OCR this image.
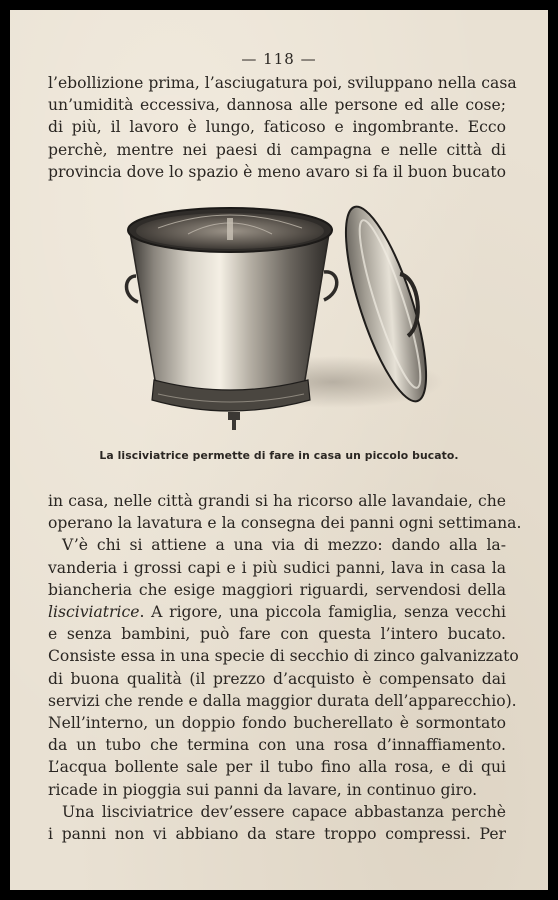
— 118 —
l’ebollizione prima, l’asciugatura poi, sviluppano nella casa
un’umidità eccessiva, dannosa alle persone ed alle cose;
di più, il lavoro è lungo, faticoso e ingombrante. Ecco
perchè, mentre nei paesi di campagna e nelle città di
provincia dove lo spazio è meno avaro si fa il buon bucato
La lisciviatrice permette di fare in casa un piccolo bucato.
in casa, nelle città grandi si ha ricorso alle lavandaie, che
operano la lavatura e la consegna dei panni ogni settimana.
V’è chi si attiene a una via di mezzo: dando alla la-
vanderia i grossi capi e i più sudici panni, lava in casa la
biancheria che esige maggiori riguardi, servendosi della
lisciviatrice. A rigore, una piccola famiglia, senza vecchi
e senza bambini, può fare con questa l’intero bucato.
Consiste essa in una specie di secchio di zinco galvanizzato
di buona qualità (il prezzo d’acquisto è compensato dai
servizi che rende e dalla maggior durata dell’apparecchio).
Nell’interno, un doppio fondo bucherellato è sormontato
da un tubo che termina con una rosa d’innaffiamento.
L’acqua bollente sale per il tubo fino alla rosa, e di qui
ricade in pioggia sui panni da lavare, in continuo giro.
Una lisciviatrice dev’essere capace abbastanza perchè
i panni non vi abbiano da stare troppo compressi. Per
